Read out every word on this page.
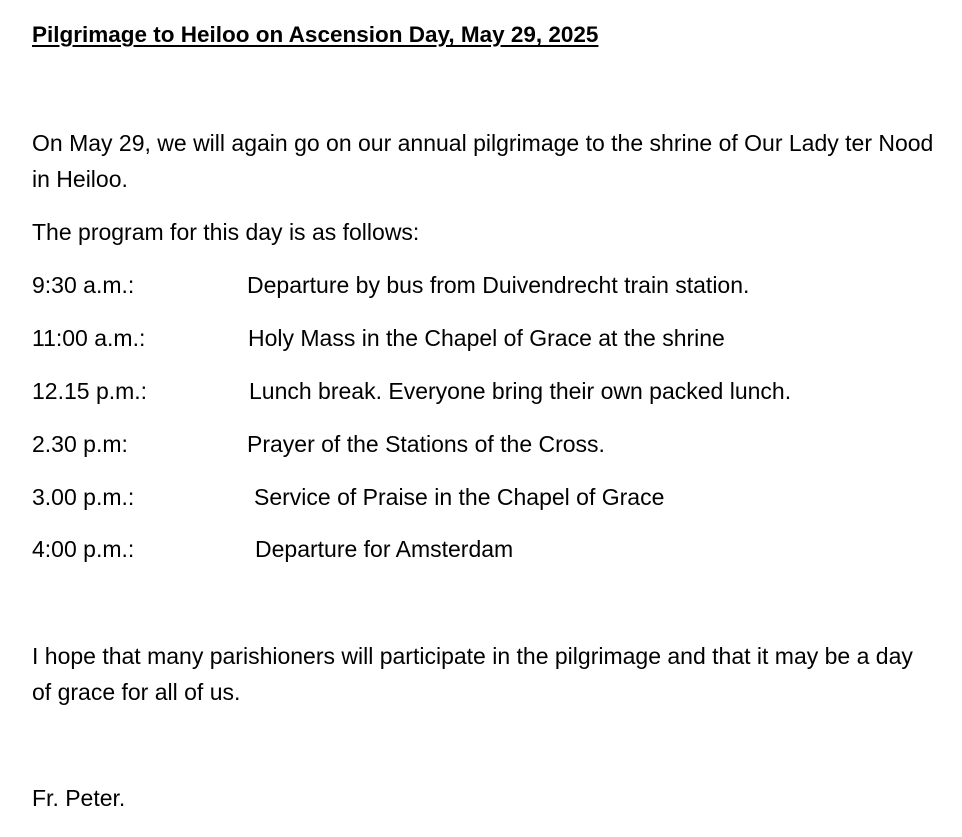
Pilgrimage to Heiloo on Ascension Day, May 29, 2025
On May 29, we will again go on our annual pilgrimage to the shrine of Our Lady ter Nood in Heiloo.
The program for this day is as follows:
9:30 a.m.:	Departure by bus from Duivendrecht train station.
11:00 a.m.:	Holy Mass in the Chapel of Grace at the shrine
12.15 p.m.:	Lunch break. Everyone bring their own packed lunch.
2.30 p.m:	Prayer of the Stations of the Cross.
3.00 p.m.:	Service of Praise in the Chapel of Grace
4:00 p.m.:	Departure for Amsterdam
I hope that many parishioners will participate in the pilgrimage and that it may be a day of grace for all of us.
Fr. Peter.
